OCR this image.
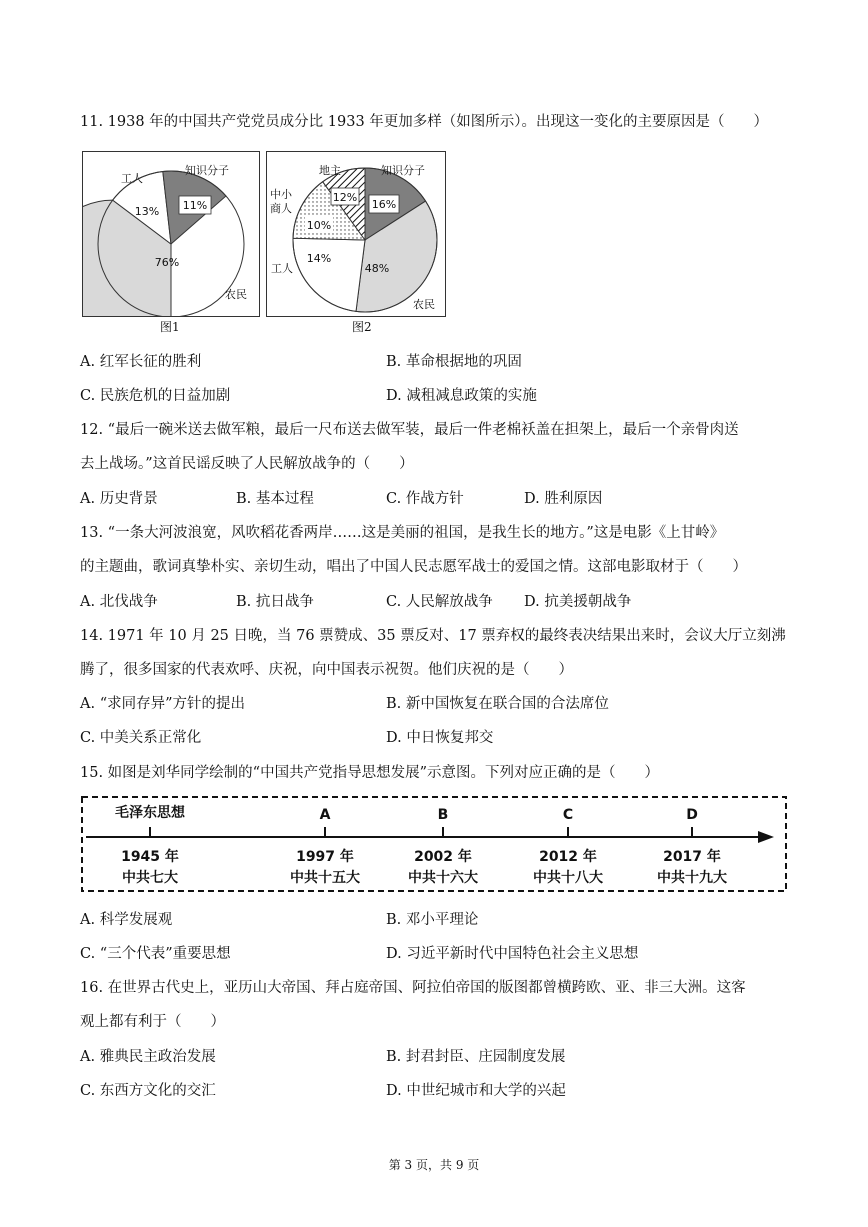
11. 1938 年的中国共产党党员成分比 1933 年更加多样（如图所示）。出现这一变化的主要原因是（　　）
11%
13%
76%
工人
知识分子
农民
图1
12%
16%
10%
14%
48%
地主	知识分子
中小
商人
工人
农民
图2
A. 红军长征的胜利	B. 革命根据地的巩固
C. 民族危机的日益加剧	D. 减租减息政策的实施
12. “最后一碗米送去做军粮，最后一尺布送去做军装，最后一件老棉袄盖在担架上，最后一个亲骨肉送
去上战场。”这首民谣反映了人民解放战争的（　　）
A. 历史背景	B. 基本过程	C. 作战方针	D. 胜利原因
13. “一条大河波浪宽，风吹稻花香两岸……这是美丽的祖国，是我生长的地方。”这是电影《上甘岭》
的主题曲，歌词真挚朴实、亲切生动，唱出了中国人民志愿军战士的爱国之情。这部电影取材于（　　）
A. 北伐战争	B. 抗日战争	C. 人民解放战争 D. 抗美援朝战争
14. 1971 年 10 月 25 日晚，当 76 票赞成、35 票反对、17 票弃权的最终表决结果出来时，会议大厅立刻沸
腾了，很多国家的代表欢呼、庆祝，向中国表示祝贺。他们庆祝的是（　　）
A. “求同存异”方针的提出	B. 新中国恢复在联合国的合法席位
C. 中美关系正常化	D. 中日恢复邦交
15. 如图是刘华同学绘制的“中国共产党指导思想发展”示意图。下列对应正确的是（　　）
毛泽东思想	A	B	C	D
1945 年	1997 年	2002 年	2012 年	2017 年
中共七大	中共十五大	中共十六大	中共十八大	中共十九大
A. 科学发展观	B. 邓小平理论
C. “三个代表”重要思想	D. 习近平新时代中国特色社会主义思想
16. 在世界古代史上，亚历山大帝国、拜占庭帝国、阿拉伯帝国的版图都曾横跨欧、亚、非三大洲。这客
观上都有利于（　　）
A. 雅典民主政治发展	B. 封君封臣、庄园制度发展
C. 东西方文化的交汇	D. 中世纪城市和大学的兴起
第 3 页，共 9 页
